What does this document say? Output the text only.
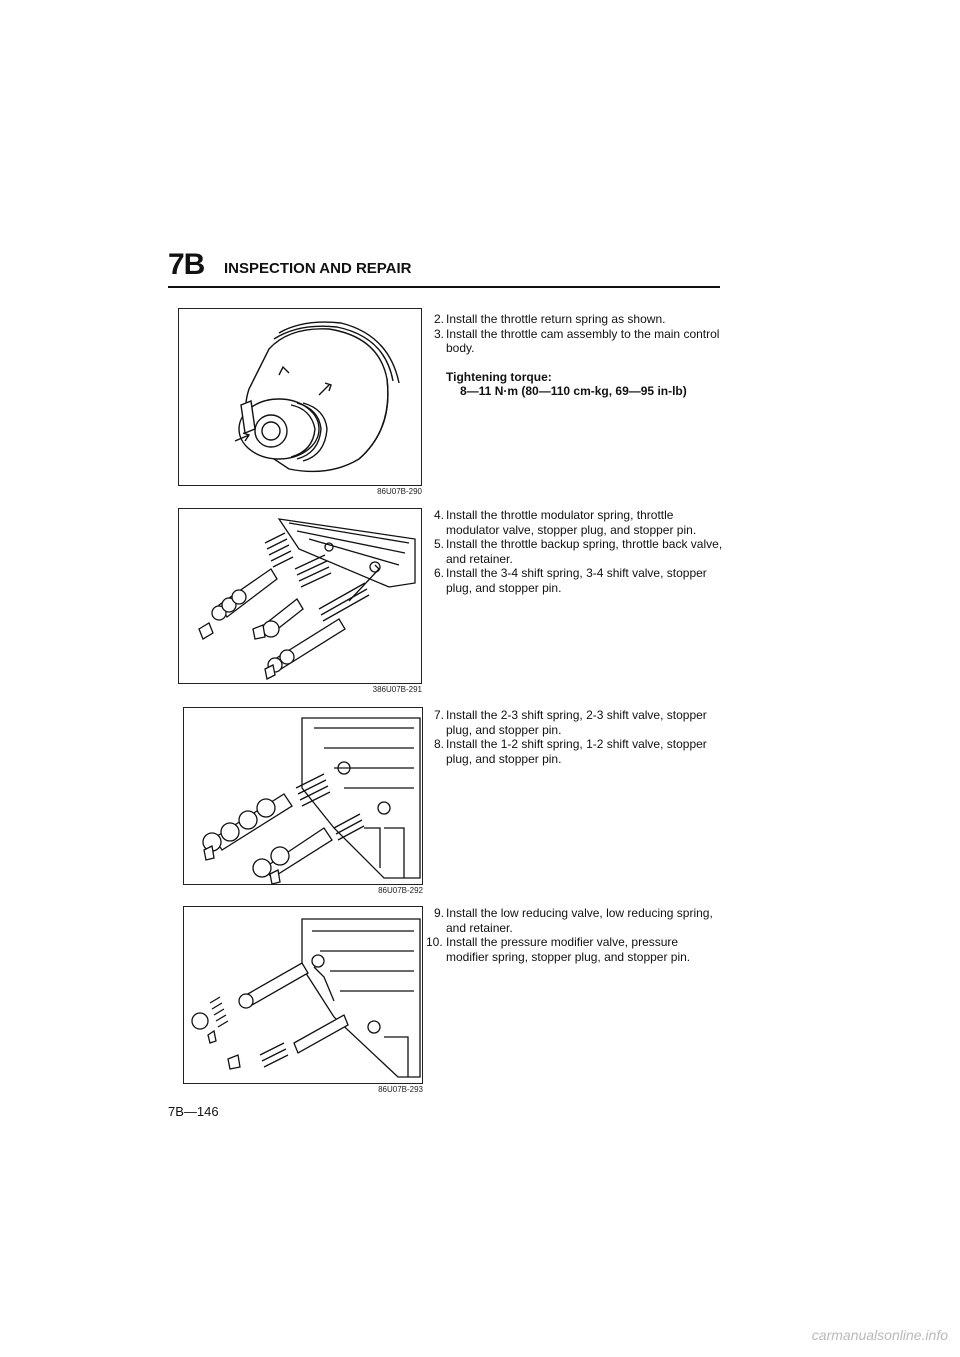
7B INSPECTION AND REPAIR
86U07B-290

2. Install the throttle return spring as shown.

3. Install the throttle cam assembly to the main control body.

Tightening torque:
8—11 N·m (80—110 cm-kg, 69—95 in-lb)
386U07B-291

4. Install the throttle modulator spring, throttle modulator valve, stopper plug, and stopper pin.

5. Install the throttle backup spring, throttle back valve, and retainer.

6. Install the 3-4 shift spring, 3-4 shift valve, stopper plug, and stopper pin.

86U07B-292

7. Install the 2-3 shift spring, 2-3 shift valve, stopper plug, and stopper pin.

8. Install the 1-2 shift spring, 1-2 shift valve, stopper plug, and stopper pin.

86U07B-293

9. Install the low reducing valve, low reducing spring, and retainer.

10. Install the pressure modifier valve, pressure modifier spring, stopper plug, and stopper pin.

7B—146
carmanualsonline.info
